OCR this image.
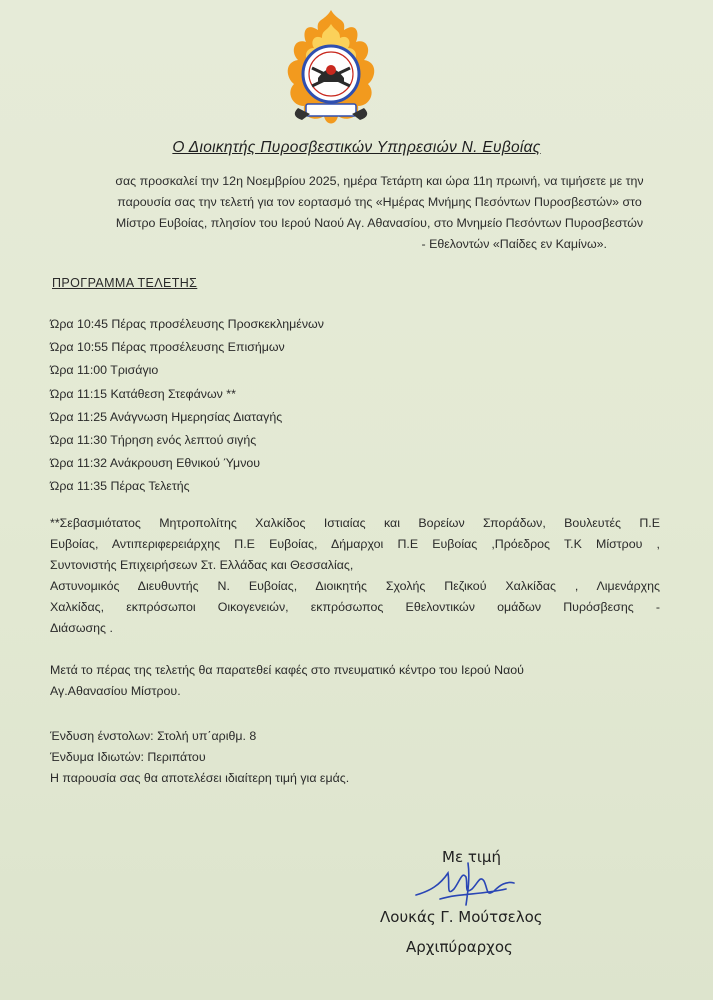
Ο Διοικητής Πυροσβεστικών Υπηρεσιών Ν. Ευβοίας
σας προσκαλεί την 12η Νοεμβρίου 2025, ημέρα Τετάρτη και ώρα 11η πρωινή, να τιμήσετε με την
παρουσία σας την τελετή για τον εορτασμό της «Ημέρας Μνήμης Πεσόντων Πυροσβεστών» στο
Μίστρο Ευβοίας, πλησίον του Ιερού Ναού Αγ. Αθανασίου, στο Μνημείο Πεσόντων Πυροσβεστών
- Εθελοντών «Παίδες εν Καμίνω».
ΠΡΟΓΡΑΜΜΑ ΤΕΛΕΤΗΣ
Ώρα 10:45 Πέρας προσέλευσης Προσκεκλημένων
Ώρα 10:55 Πέρας προσέλευσης Επισήμων
Ώρα 11:00 Τρισάγιο
Ώρα 11:15 Κατάθεση Στεφάνων **
Ώρα 11:25 Ανάγνωση Ημερησίας Διαταγής
Ώρα 11:30 Τήρηση ενός λεπτού σιγής
Ώρα 11:32 Ανάκρουση Εθνικού Ύμνου
Ώρα 11:35 Πέρας Τελετής
**Σεβασμιότατος Μητροπολίτης Χαλκίδος Ιστιαίας και Βορείων Σποράδων, Βουλευτές Π.Ε
Ευβοίας, Αντιπεριφερειάρχης Π.Ε Ευβοίας, Δήμαρχοι Π.Ε Ευβοίας ,Πρόεδρος Τ.Κ Μίστρου ,
Συντονιστής Επιχειρήσεων Στ. Ελλάδας και Θεσσαλίας,
Αστυνομικός Διευθυντής Ν. Ευβοίας, Διοικητής Σχολής Πεζικού Χαλκίδας , Λιμενάρχης
Χαλκίδας, εκπρόσωποι Οικογενειών, εκπρόσωπος Εθελοντικών ομάδων Πυρόσβεσης -
Διάσωσης .
Μετά το πέρας της τελετής θα παρατεθεί καφές στο πνευματικό κέντρο του Ιερού Ναού
Αγ.Αθανασίου Μίστρου.
Ένδυση ένστολων: Στολή υπ΄αριθμ. 8
Ένδυμα Ιδιωτών: Περιπάτου
Η παρουσία σας θα αποτελέσει ιδιαίτερη τιμή για εμάς.
Με τιμή
Λουκάς Γ. Μούτσελος
Αρχιπύραρχος
